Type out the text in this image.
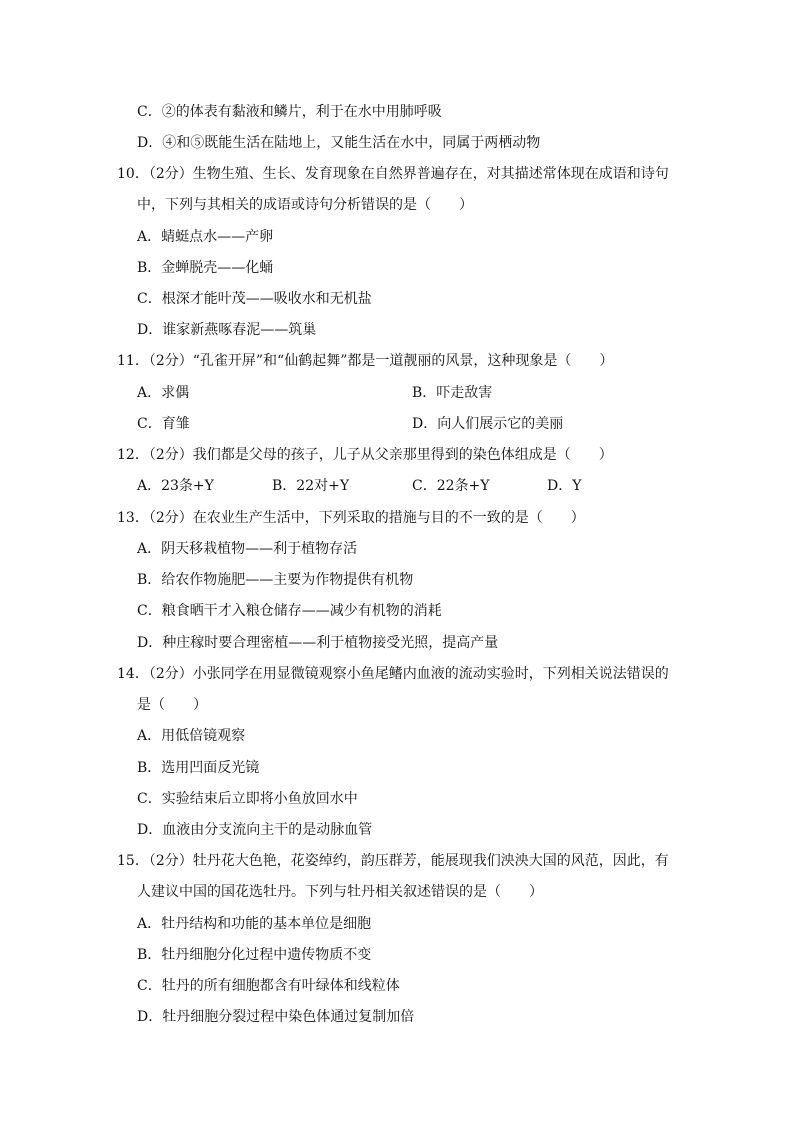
C．②的体表有黏液和鳞片，利于在水中用肺呼吸
D．④和⑤既能生活在陆地上，又能生活在水中，同属于两栖动物
10．（2分）生物生殖、生长、发育现象在自然界普遍存在，对其描述常体现在成语和诗句
中，下列与其相关的成语或诗句分析错误的是（　　）
A．蜻蜓点水——产卵
B．金蝉脱壳——化蛹
C．根深才能叶茂——吸收水和无机盐
D．谁家新燕啄春泥——筑巢
11．（2分）“孔雀开屏”和“仙鹤起舞”都是一道靓丽的风景，这种现象是（　　）
A．求偶	B．吓走敌害
C．育雏	D．向人们展示它的美丽
12．（2分）我们都是父母的孩子，儿子从父亲那里得到的染色体组成是（　　）
A．23条+Y	B．22对+Y	C．22条+Y	D．Y
13．（2分）在农业生产生活中，下列采取的措施与目的不一致的是（　　）
A．阴天移栽植物——利于植物存活
B．给农作物施肥——主要为作物提供有机物
C．粮食晒干才入粮仓储存——减少有机物的消耗
D．种庄稼时要合理密植——利于植物接受光照，提高产量
14．（2分）小张同学在用显微镜观察小鱼尾鳍内血液的流动实验时，下列相关说法错误的
是（　　）
A．用低倍镜观察
B．选用凹面反光镜
C．实验结束后立即将小鱼放回水中
D．血液由分支流向主干的是动脉血管
15．（2分）牡丹花大色艳，花姿绰约，韵压群芳，能展现我们泱泱大国的风范，因此，有
人建议中国的国花选牡丹。下列与牡丹相关叙述错误的是（　　）
A．牡丹结构和功能的基本单位是细胞
B．牡丹细胞分化过程中遗传物质不变
C．牡丹的所有细胞都含有叶绿体和线粒体
D．牡丹细胞分裂过程中染色体通过复制加倍
